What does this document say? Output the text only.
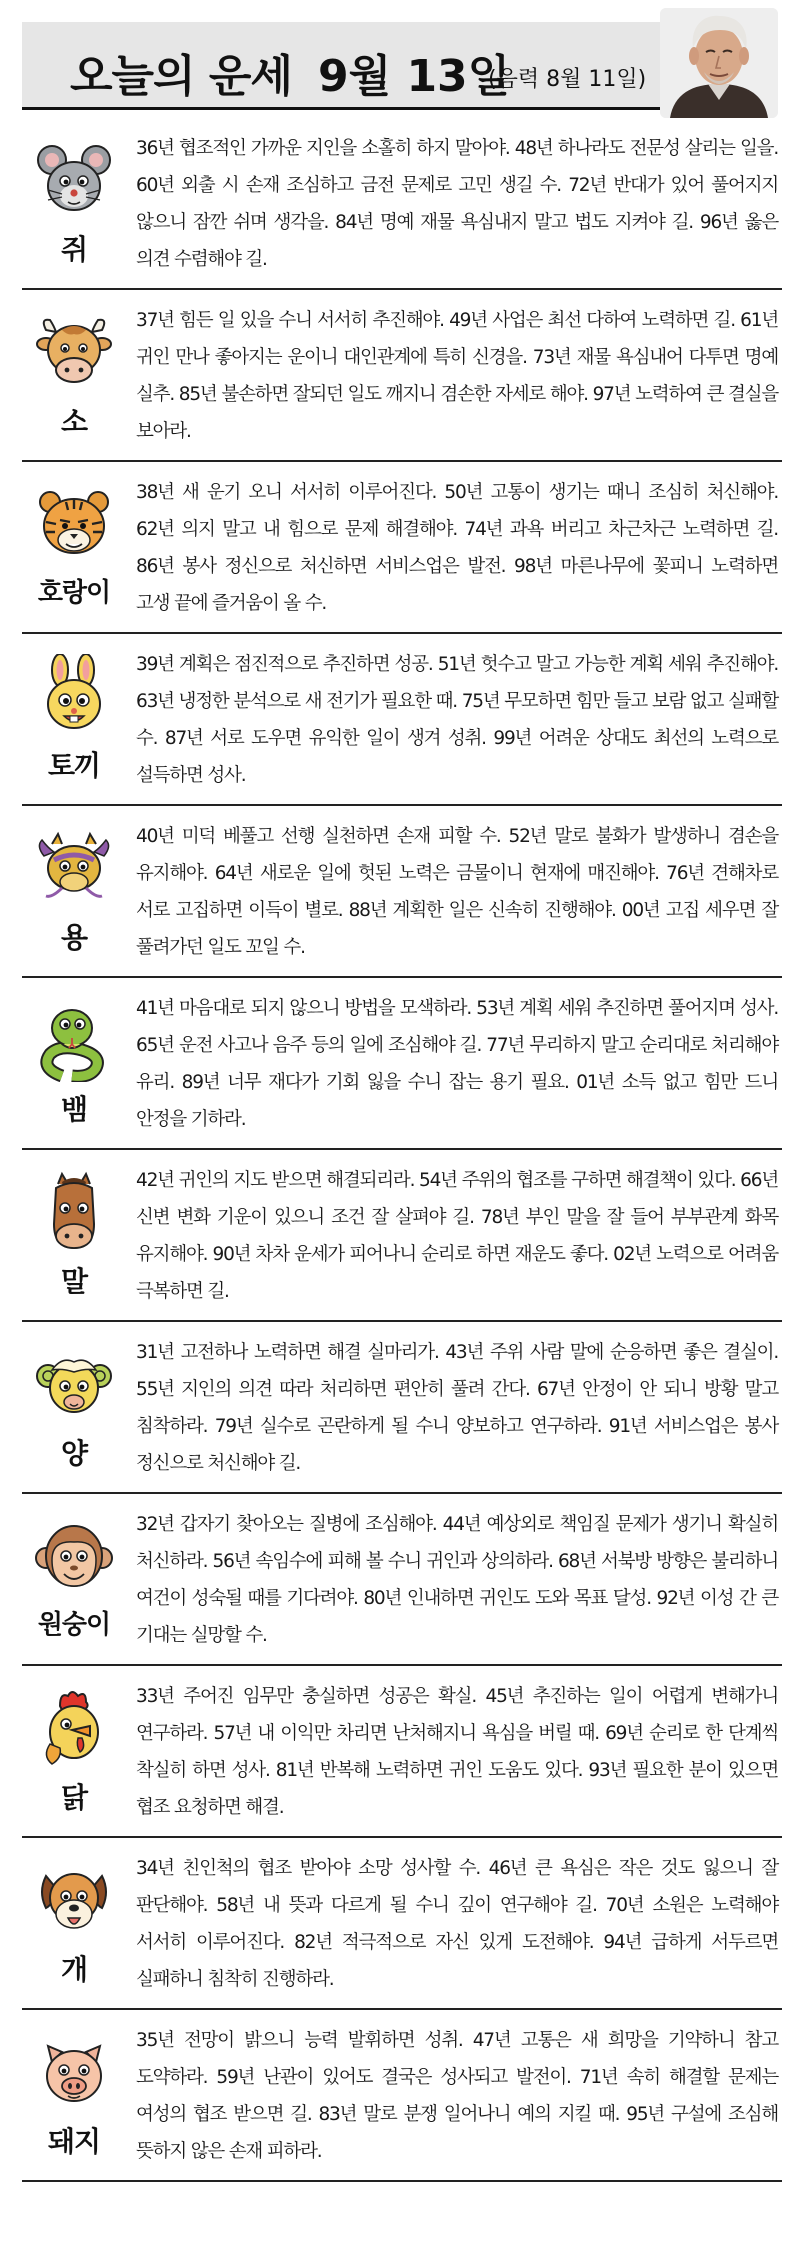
오늘의 운세 9월 13일
(음력 8월 11일)
쥐
36년 협조적인 가까운 지인을 소홀히 하지 말아야. 48년 하나라도 전문성 살리는 일을. 60년 외출 시 손재 조심하고 금전 문제로 고민 생길 수. 72년 반대가 있어 풀어지지 않으니 잠깐 쉬며 생각을. 84년 명예 재물 욕심내지 말고 법도 지켜야 길. 96년 옳은 의견 수렴해야 길.
소
37년 힘든 일 있을 수니 서서히 추진해야. 49년 사업은 최선 다하여 노력하면 길. 61년 귀인 만나 좋아지는 운이니 대인관계에 특히 신경을. 73년 재물 욕심내어 다투면 명예 실추. 85년 불손하면 잘되던 일도 깨지니 겸손한 자세로 해야. 97년 노력하여 큰 결실을 보아라.
호랑이
38년 새 운기 오니 서서히 이루어진다. 50년 고통이 생기는 때니 조심히 처신해야. 62년 의지 말고 내 힘으로 문제 해결해야. 74년 과욕 버리고 차근차근 노력하면 길. 86년 봉사 정신으로 처신하면 서비스업은 발전. 98년 마른나무에 꽃피니 노력하면 고생 끝에 즐거움이 올 수.
토끼
39년 계획은 점진적으로 추진하면 성공. 51년 헛수고 말고 가능한 계획 세워 추진해야. 63년 냉정한 분석으로 새 전기가 필요한 때. 75년 무모하면 힘만 들고 보람 없고 실패할 수. 87년 서로 도우면 유익한 일이 생겨 성취. 99년 어려운 상대도 최선의 노력으로 설득하면 성사.
용
40년 미덕 베풀고 선행 실천하면 손재 피할 수. 52년 말로 불화가 발생하니 겸손을 유지해야. 64년 새로운 일에 헛된 노력은 금물이니 현재에 매진해야. 76년 견해차로 서로 고집하면 이득이 별로. 88년 계획한 일은 신속히 진행해야. 00년 고집 세우면 잘 풀려가던 일도 꼬일 수.
뱀
41년 마음대로 되지 않으니 방법을 모색하라. 53년 계획 세워 추진하면 풀어지며 성사. 65년 운전 사고나 음주 등의 일에 조심해야 길. 77년 무리하지 말고 순리대로 처리해야 유리. 89년 너무 재다가 기회 잃을 수니 잡는 용기 필요. 01년 소득 없고 힘만 드니 안정을 기하라.
말
42년 귀인의 지도 받으면 해결되리라. 54년 주위의 협조를 구하면 해결책이 있다. 66년 신변 변화 기운이 있으니 조건 잘 살펴야 길. 78년 부인 말을 잘 들어 부부관계 화목 유지해야. 90년 차차 운세가 피어나니 순리로 하면 재운도 좋다. 02년 노력으로 어려움 극복하면 길.
양
31년 고전하나 노력하면 해결 실마리가. 43년 주위 사람 말에 순응하면 좋은 결실이. 55년 지인의 의견 따라 처리하면 편안히 풀려 간다. 67년 안정이 안 되니 방황 말고 침착하라. 79년 실수로 곤란하게 될 수니 양보하고 연구하라. 91년 서비스업은 봉사 정신으로 처신해야 길.
원숭이
32년 갑자기 찾아오는 질병에 조심해야. 44년 예상외로 책임질 문제가 생기니 확실히 처신하라. 56년 속임수에 피해 볼 수니 귀인과 상의하라. 68년 서북방 방향은 불리하니 여건이 성숙될 때를 기다려야. 80년 인내하면 귀인도 도와 목표 달성. 92년 이성 간 큰 기대는 실망할 수.
닭
33년 주어진 임무만 충실하면 성공은 확실. 45년 추진하는 일이 어렵게 변해가니 연구하라. 57년 내 이익만 차리면 난처해지니 욕심을 버릴 때. 69년 순리로 한 단계씩 착실히 하면 성사. 81년 반복해 노력하면 귀인 도움도 있다. 93년 필요한 분이 있으면 협조 요청하면 해결.
개
34년 친인척의 협조 받아야 소망 성사할 수. 46년 큰 욕심은 작은 것도 잃으니 잘 판단해야. 58년 내 뜻과 다르게 될 수니 깊이 연구해야 길. 70년 소원은 노력해야 서서히 이루어진다. 82년 적극적으로 자신 있게 도전해야. 94년 급하게 서두르면 실패하니 침착히 진행하라.
돼지
35년 전망이 밝으니 능력 발휘하면 성취. 47년 고통은 새 희망을 기약하니 참고 도약하라. 59년 난관이 있어도 결국은 성사되고 발전이. 71년 속히 해결할 문제는 여성의 협조 받으면 길. 83년 말로 분쟁 일어나니 예의 지킬 때. 95년 구설에 조심해 뜻하지 않은 손재 피하라.
